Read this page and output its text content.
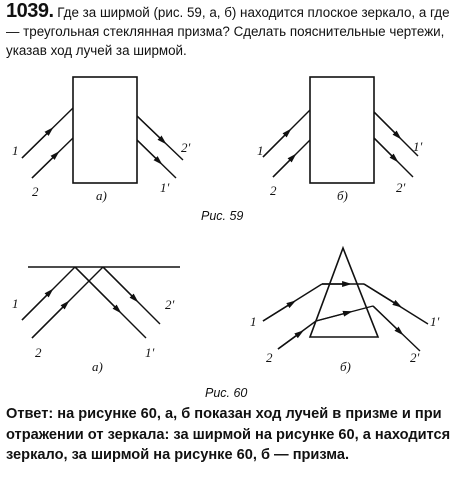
1039. Где за ширмой (рис. 59, а, б) находится плоское зеркало, а где — треугольная стеклянная призма? Сделать пояснительные чертежи, указав ход лучей за ширмой.
1
2
2′
1′
а)
1
2
1′
2′
б)
Рис. 59
1
2
2′
1′
а)
1
2
1′
2′
б)
Рис. 60
Ответ: на рисунке 60, а, б показан ход лучей в призме и при отражении от зеркала: за ширмой на рисунке 60, а находится зеркало, за ширмой на рисунке 60, б — призма.
